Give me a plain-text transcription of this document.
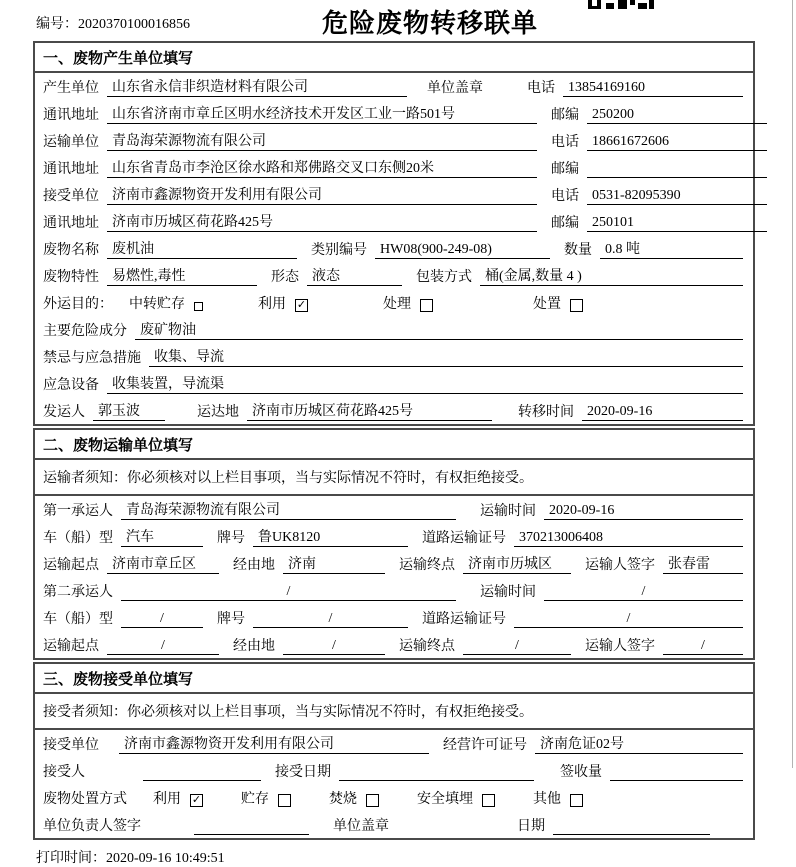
编号：2020370100016856	危险废物转移联单
一、废物产生单位填写
产生单位 山东省永信非织造材料有限公司	单位盖章	电话 13854169160
通讯地址 山东省济南市章丘区明水经济技术开发区工业一路501号	邮编 250200
运输单位 青岛海荣源物流有限公司	电话 18661672606
通讯地址 山东省青岛市李沧区徐水路和郑佛路交叉口东侧20米	邮编
接受单位 济南市鑫源物资开发利用有限公司	电话 0531-82095390
通讯地址 济南市历城区荷花路425号	邮编 250101
废物名称 废机油	类别编号 HW08(900-249-08)	数量 0.8 吨
废物特性 易燃性,毒性	形态 液态	包装方式 桶(金属,数量 4 )
外运目的： 中转贮存	利用 ✓	处理	处置
主要危险成分 废矿物油
禁忌与应急措施 收集、导流
应急设备 收集装置，导流渠
发运人 郭玉波	运达地 济南市历城区荷花路425号	转移时间 2020-09-16
二、废物运输单位填写
运输者须知：你必须核对以上栏目事项，当与实际情况不符时，有权拒绝接受。
第一承运人 青岛海荣源物流有限公司	运输时间 2020-09-16
车（船）型 汽车	牌号 鲁UK8120	道路运输证号 370213006408
运输起点 济南市章丘区	经由地 济南	运输终点 济南市历城区	运输人签字 张春雷
第二承运人	/	运输时间	/
车（船）型	/	牌号	/	道路运输证号	/
运输起点	/	经由地	/	运输终点	/	运输人签字	/
三、废物接受单位填写
接受者须知：你必须核对以上栏目事项，当与实际情况不符时，有权拒绝接受。
接受单位	济南市鑫源物资开发利用有限公司	经营许可证号 济南危证02号
接受人	接受日期	签收量
废物处置方式 利用 ✓	贮存	焚烧	安全填埋	其他
单位负责人签字	单位盖章	日期
打印时间：2020-09-16 10:49:51
